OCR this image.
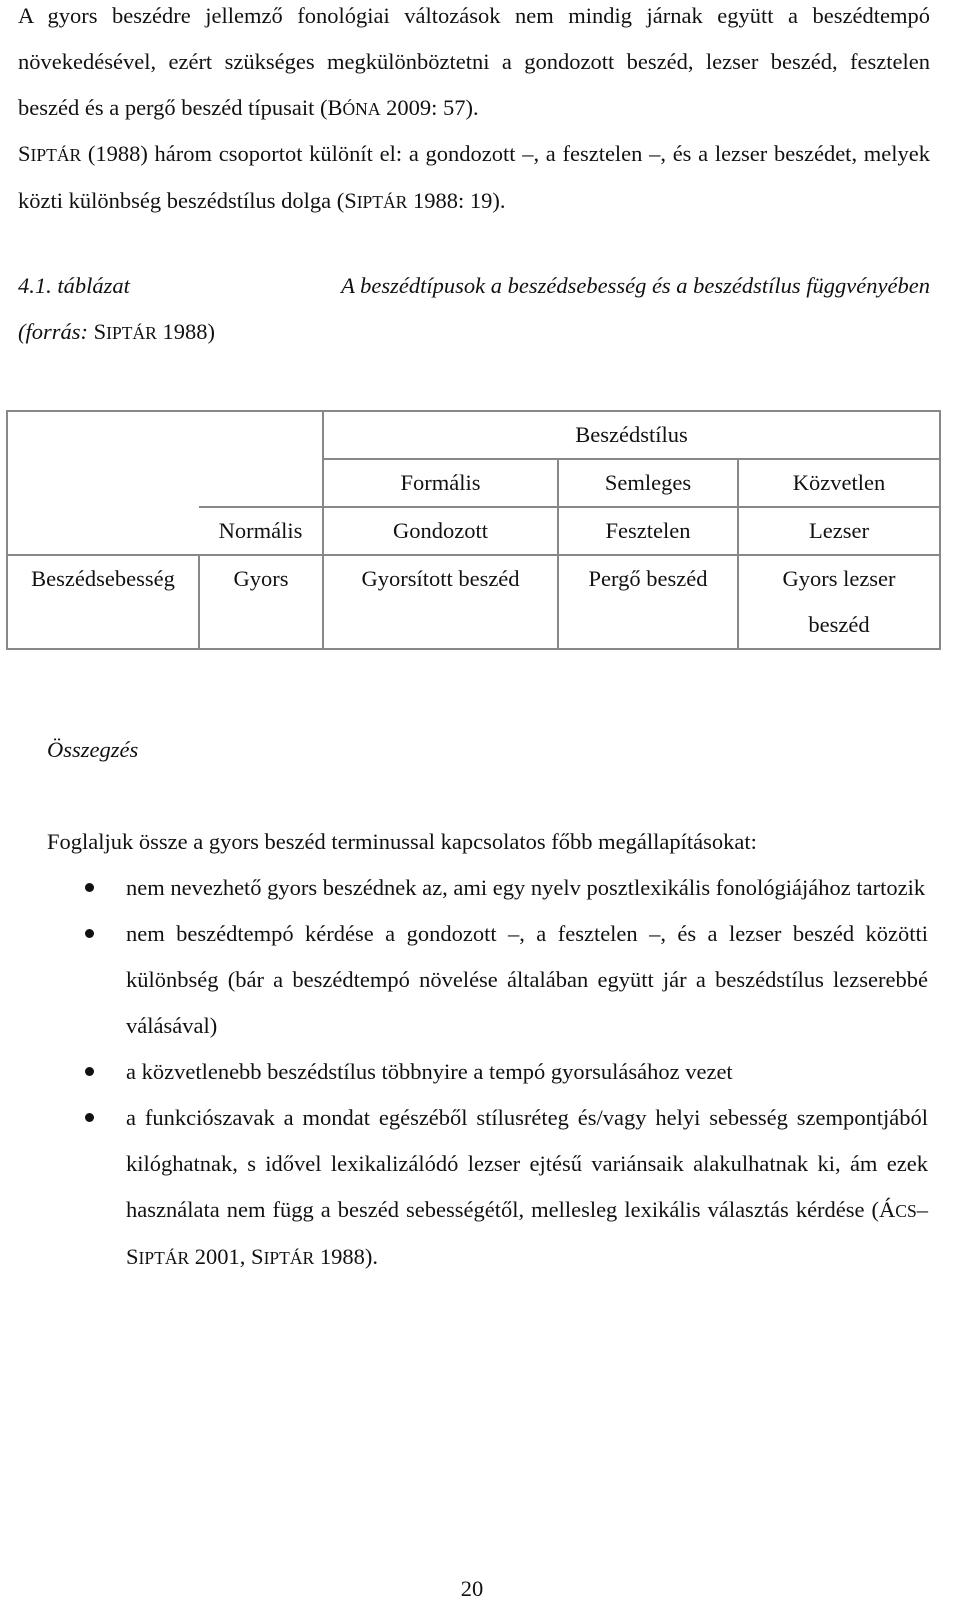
A gyors beszédre jellemző fonológiai változások nem mindig járnak együtt a beszédtempó növekedésével, ezért szükséges megkülönböztetni a gondozott beszéd, lezser beszéd, fesztelen beszéd és a pergő beszéd típusait (BÓNA 2009: 57).

SIPTÁR (1988) három csoportot különít el: a gondozott –, a fesztelen –, és a lezser beszédet, melyek közti különbség beszédstílus dolga (SIPTÁR 1988: 19).

4.1. táblázat	A beszédtípusok a beszédsebesség és a beszédstílus függvényében
(forrás: SIPTÁR 1988)
		Beszédstílus		
		Formális	Semleges	Közvetlen
	Normális	Gondozott	Fesztelen	Lezser
Beszédsebesség	Gyors	Gyorsított beszéd	Pergő beszéd	Gyors lezser beszéd

Összegzés

Foglaljuk össze a gyors beszéd terminussal kapcsolatos főbb megállapításokat:

nem nevezhető gyors beszédnek az, ami egy nyelv posztlexikális fonológiájához tartozik
nem beszédtempó kérdése a gondozott –, a fesztelen –, és a lezser beszéd közötti különbség (bár a beszédtempó növelése általában együtt jár a beszédstílus lezserebbé válásával)
a közvetlenebb beszédstílus többnyire a tempó gyorsulásához vezet
a funkciószavak a mondat egészéből stílusréteg és/vagy helyi sebesség szempontjából kilóghatnak, s idővel lexikalizálódó lezser ejtésű variánsaik alakulhatnak ki, ám ezek használata nem függ a beszéd sebességétől, mellesleg lexikális választás kérdése (ÁCS–SIPTÁR 2001, SIPTÁR 1988).

20
